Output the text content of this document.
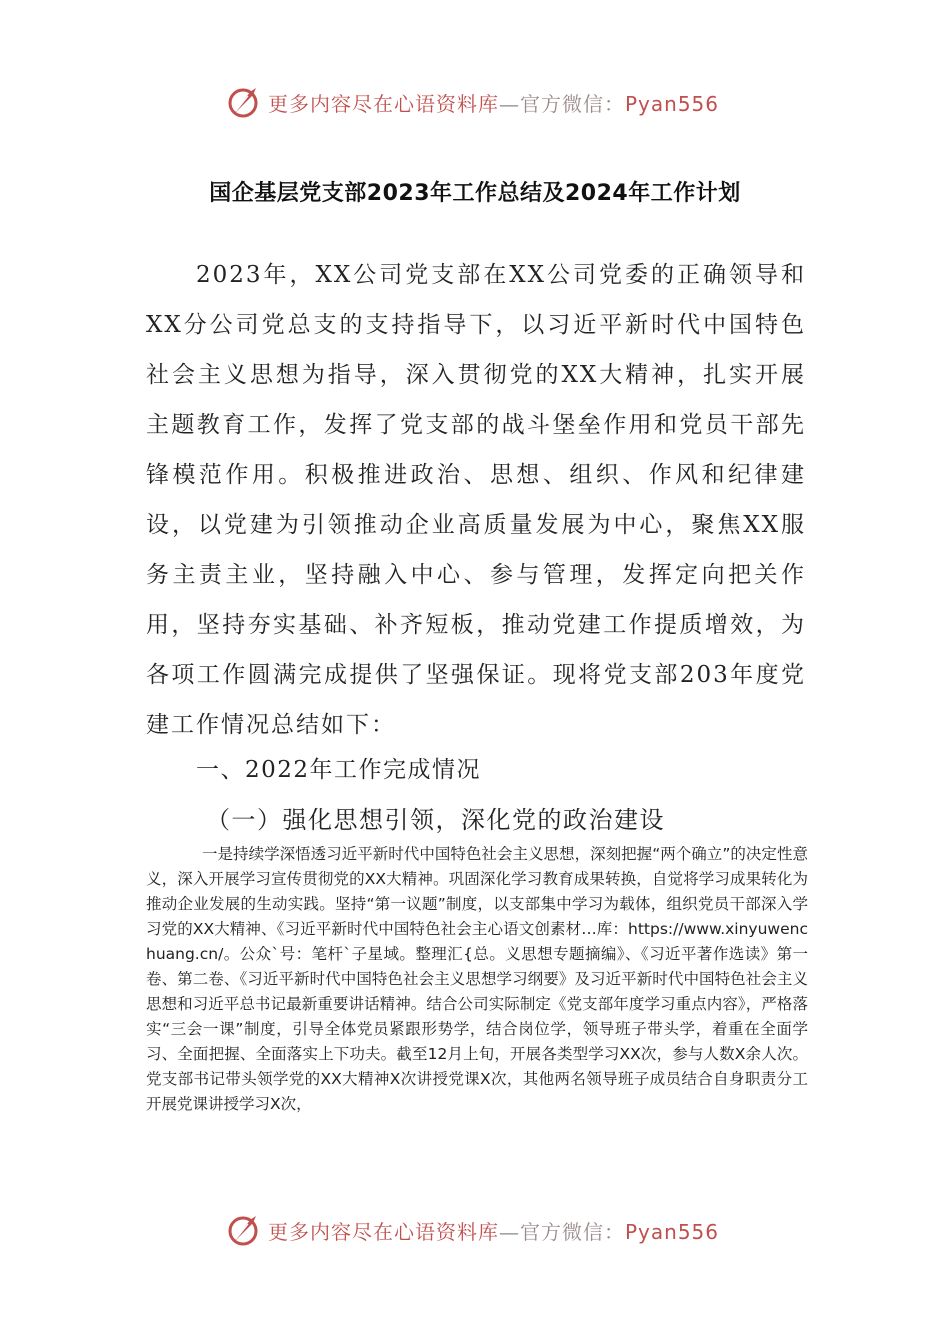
更多内容尽在心语资料库—官方微信：Pyan556
国企基层党支部2023年工作总结及2024年工作计划
2023年，XX公司党支部在XX公司党委的正确领导和XX分公司党总支的支持指导下，以习近平新时代中国特色社会主义思想为指导，深入贯彻党的XX大精神，扎实开展主题教育工作，发挥了党支部的战斗堡垒作用和党员干部先锋模范作用。积极推进政治、思想、组织、作风和纪律建设，以党建为引领推动企业高质量发展为中心，聚焦XX服务主责主业，坚持融入中心、参与管理，发挥定向把关作用，坚持夯实基础、补齐短板，推动党建工作提质增效，为各项工作圆满完成提供了坚强保证。现将党支部203年度党建工作情况总结如下：
一、2022年工作完成情况
（一）强化思想引领，深化党的政治建设
一是持续学深悟透习近平新时代中国特色社会主义思想，深刻把握“两个确立”的决定性意义，深入开展学习宣传贯彻党的XX大精神。巩固深化学习教育成果转换，自觉将学习成果转化为推动企业发展的生动实践。坚持“第一议题”制度，以支部集中学习为载体，组织党员干部深入学习党的XX大精神、《习近平新时代中国特色社会主心语文创素材…库：https://www.xinyuwenchuang.cn/。公众`号：笔杆`子星域。整理汇{总。义思想专题摘编》、《习近平著作选读》第一卷、第二卷、《习近平新时代中国特色社会主义思想学习纲要》及习近平新时代中国特色社会主义思想和习近平总书记最新重要讲话精神。结合公司实际制定《党支部年度学习重点内容》，严格落实“三会一课”制度，引导全体党员紧跟形势学，结合岗位学，领导班子带头学，着重在全面学习、全面把握、全面落实上下功夫。截至12月上旬，开展各类型学习XX次，参与人数X余人次。党支部书记带头领学党的XX大精神X次讲授党课X次，其他两名领导班子成员结合自身职责分工开展党课讲授学习X次，
更多内容尽在心语资料库—官方微信：Pyan556
